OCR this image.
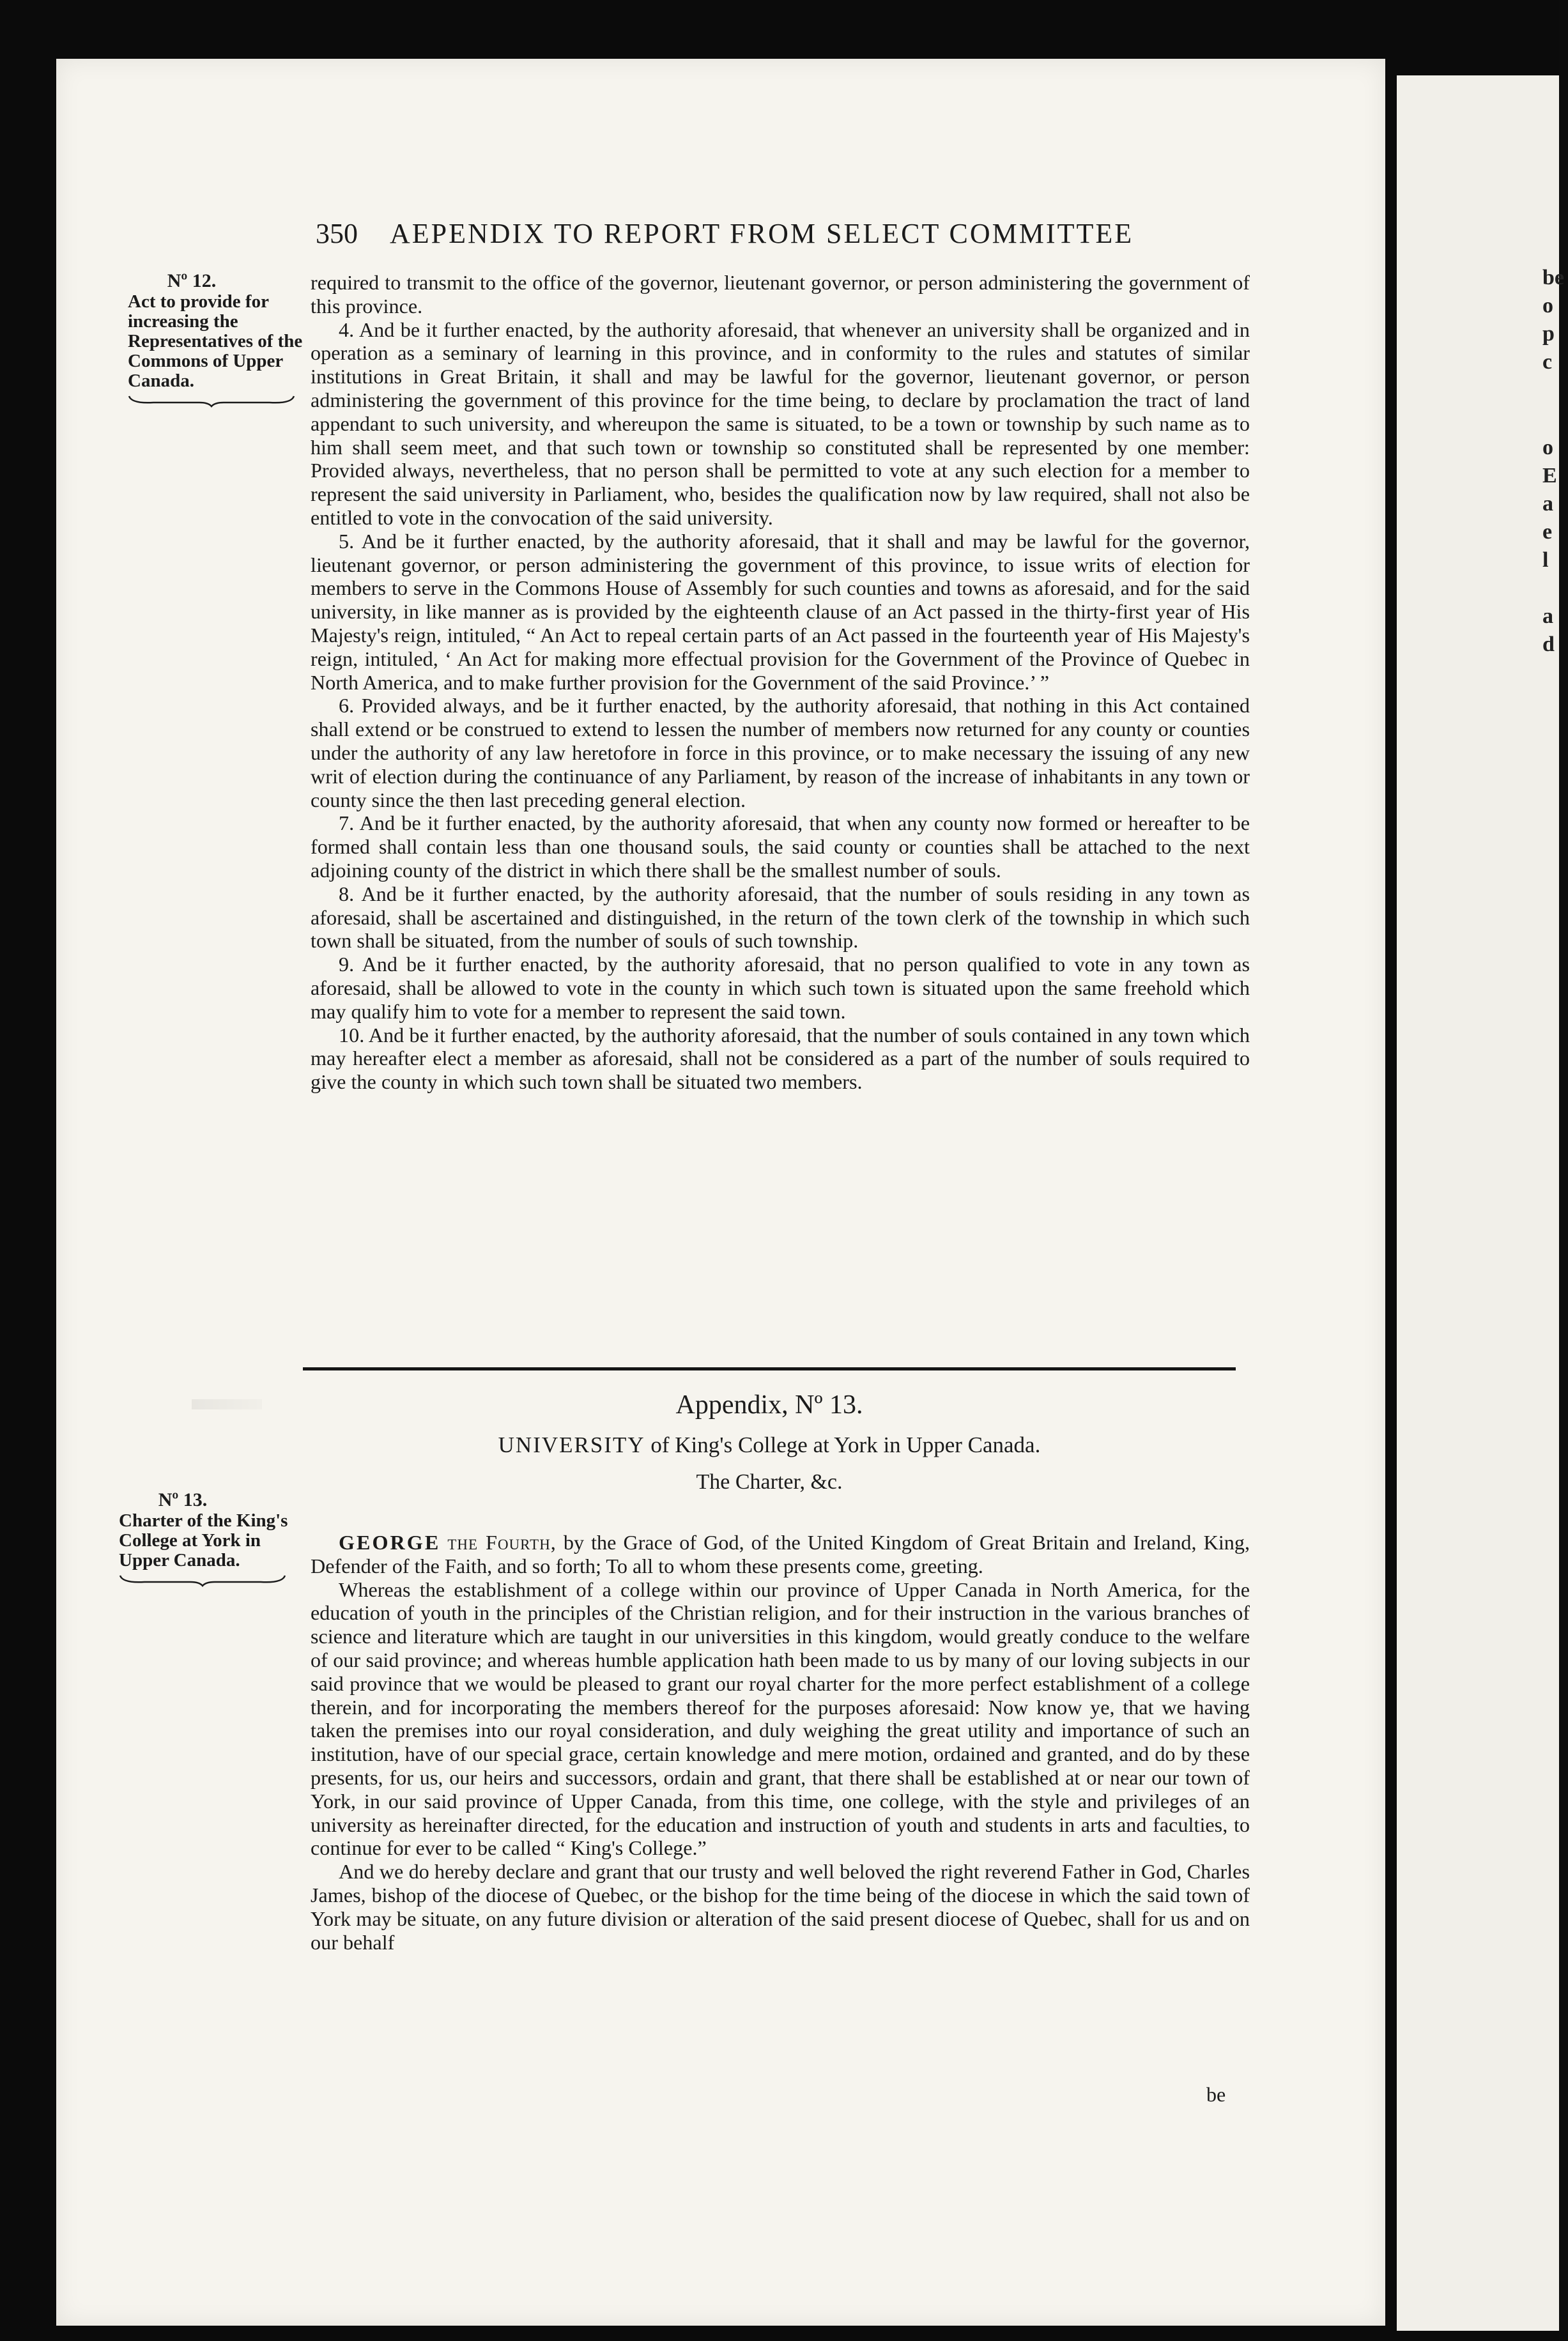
be
o
p
c
o
E
a
e
l
a
d
350 AEPENDIX TO REPORT FROM SELECT COMMITTEE
Nº 12.
Act to provide for increasing the Representatives of the Commons of Upper Canada.

required to transmit to the office of the governor, lieutenant governor, or person administering the government of this province.

4. And be it further enacted, by the authority aforesaid, that whenever an university shall be organized and in operation as a seminary of learning in this province, and in conformity to the rules and statutes of similar institutions in Great Britain, it shall and may be lawful for the governor, lieutenant governor, or person administering the government of this province for the time being, to declare by proclamation the tract of land appendant to such university, and whereupon the same is situated, to be a town or township by such name as to him shall seem meet, and that such town or township so constituted shall be represented by one member: Provided always, nevertheless, that no person shall be permitted to vote at any such election for a member to represent the said university in Parliament, who, besides the qualification now by law required, shall not also be entitled to vote in the convocation of the said university.

5. And be it further enacted, by the authority aforesaid, that it shall and may be lawful for the governor, lieutenant governor, or person administering the government of this province, to issue writs of election for members to serve in the Commons House of Assembly for such counties and towns as aforesaid, and for the said university, in like manner as is provided by the eighteenth clause of an Act passed in the thirty-first year of His Majesty's reign, intituled, “ An Act to repeal certain parts of an Act passed in the fourteenth year of His Majesty's reign, intituled, ‘ An Act for making more effectual provision for the Government of the Province of Quebec in North America, and to make further provision for the Government of the said Province.’ ”

6. Provided always, and be it further enacted, by the authority aforesaid, that nothing in this Act contained shall extend or be construed to extend to lessen the number of members now returned for any county or counties under the authority of any law heretofore in force in this province, or to make necessary the issuing of any new writ of election during the continuance of any Parliament, by reason of the increase of inhabitants in any town or county since the then last preceding general election.

7. And be it further enacted, by the authority aforesaid, that when any county now formed or hereafter to be formed shall contain less than one thousand souls, the said county or counties shall be attached to the next adjoining county of the district in which there shall be the smallest number of souls.

8. And be it further enacted, by the authority aforesaid, that the number of souls residing in any town as aforesaid, shall be ascertained and distinguished, in the return of the town clerk of the township in which such town shall be situated, from the number of souls of such township.

9. And be it further enacted, by the authority aforesaid, that no person qualified to vote in any town as aforesaid, shall be allowed to vote in the county in which such town is situated upon the same freehold which may qualify him to vote for a member to represent the said town.

10. And be it further enacted, by the authority aforesaid, that the number of souls contained in any town which may hereafter elect a member as aforesaid, shall not be considered as a part of the number of souls required to give the county in which such town shall be situated two members.

Appendix, Nº 13.
UNIVERSITY of King's College at York in Upper Canada.
The Charter, &c.
Nº 13.
Charter of the King's College at York in Upper Canada.

GEORGE the Fourth, by the Grace of God, of the United Kingdom of Great Britain and Ireland, King, Defender of the Faith, and so forth; To all to whom these presents come, greeting.

Whereas the establishment of a college within our province of Upper Canada in North America, for the education of youth in the principles of the Christian religion, and for their instruction in the various branches of science and literature which are taught in our universities in this kingdom, would greatly conduce to the welfare of our said province; and whereas humble application hath been made to us by many of our loving subjects in our said province that we would be pleased to grant our royal charter for the more perfect establishment of a college therein, and for incorporating the members thereof for the purposes aforesaid: Now know ye, that we having taken the premises into our royal consideration, and duly weighing the great utility and importance of such an institution, have of our special grace, certain knowledge and mere motion, ordained and granted, and do by these presents, for us, our heirs and successors, ordain and grant, that there shall be established at or near our town of York, in our said province of Upper Canada, from this time, one college, with the style and privileges of an university as hereinafter directed, for the education and instruction of youth and students in arts and faculties, to continue for ever to be called “ King's College.”

And we do hereby declare and grant that our trusty and well beloved the right reverend Father in God, Charles James, bishop of the diocese of Quebec, or the bishop for the time being of the diocese in which the said town of York may be situate, on any future division or alteration of the said present diocese of Quebec, shall for us and on our behalf

be
